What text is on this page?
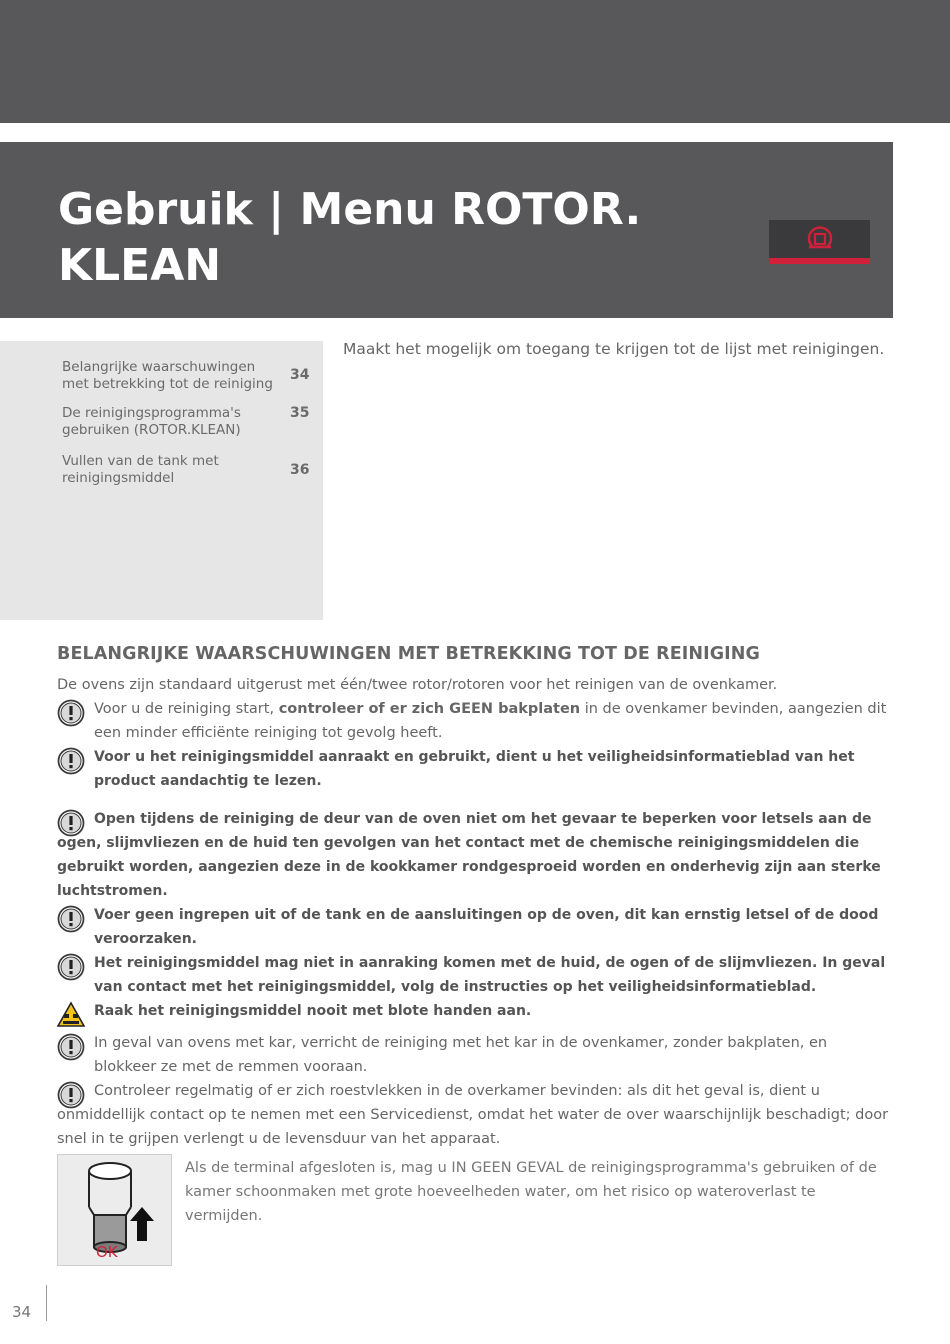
Gebruik | Menu ROTOR. KLEAN
Belangrijke waarschuwingen met betrekking tot de reiniging
34
De reinigingsprogramma's gebruiken (ROTOR.KLEAN)
35
Vullen van de tank met reinigingsmiddel	36
Maakt het mogelijk om toegang te krijgen tot de lijst met reinigingen.
BELANGRIJKE WAARSCHUWINGEN MET BETREKKING TOT DE REINIGING

De ovens zijn standaard uitgerust met één/twee rotor/rotoren voor het reinigen van de ovenkamer.

Voor u de reiniging start, controleer of er zich GEEN bakplaten in de ovenkamer bevinden, aangezien dit een minder efficiënte reiniging tot gevolg heeft.
Voor u het reinigingsmiddel aanraakt en gebruikt, dient u het veiligheidsinformatieblad van het product aandachtig te lezen.
Open tijdens de reiniging de deur van de oven niet om het gevaar te beperken voor letsels aan de ogen, slijmvliezen en de huid ten gevolgen van het contact met de chemische reinigingsmiddelen die gebruikt worden, aangezien deze in de kookkamer rondgesproeid worden en onderhevig zijn aan sterke luchtstromen.
Voer geen ingrepen uit of de tank en de aansluitingen op de oven, dit kan ernstig letsel of de dood veroorzaken.
Het reinigingsmiddel mag niet in aanraking komen met de huid, de ogen of de slijmvliezen. In geval van contact met het reinigingsmiddel, volg de instructies op het veiligheidsinformatieblad.
Raak het reinigingsmiddel nooit met blote handen aan.
In geval van ovens met kar, verricht de reiniging met het kar in de ovenkamer, zonder bakplaten, en blokkeer ze met de remmen vooraan.
Controleer regelmatig of er zich roestvlekken in de overkamer bevinden: als dit het geval is, dient u onmiddellijk contact op te nemen met een Servicedienst, omdat het water de over waarschijnlijk beschadigt; door snel in te grijpen verlengt u de levensduur van het apparaat.
OK

Als de terminal afgesloten is, mag u IN GEEN GEVAL de reinigingsprogramma's gebruiken of de kamer schoonmaken met grote hoeveelheden water, om het risico op wateroverlast te vermijden.

34
